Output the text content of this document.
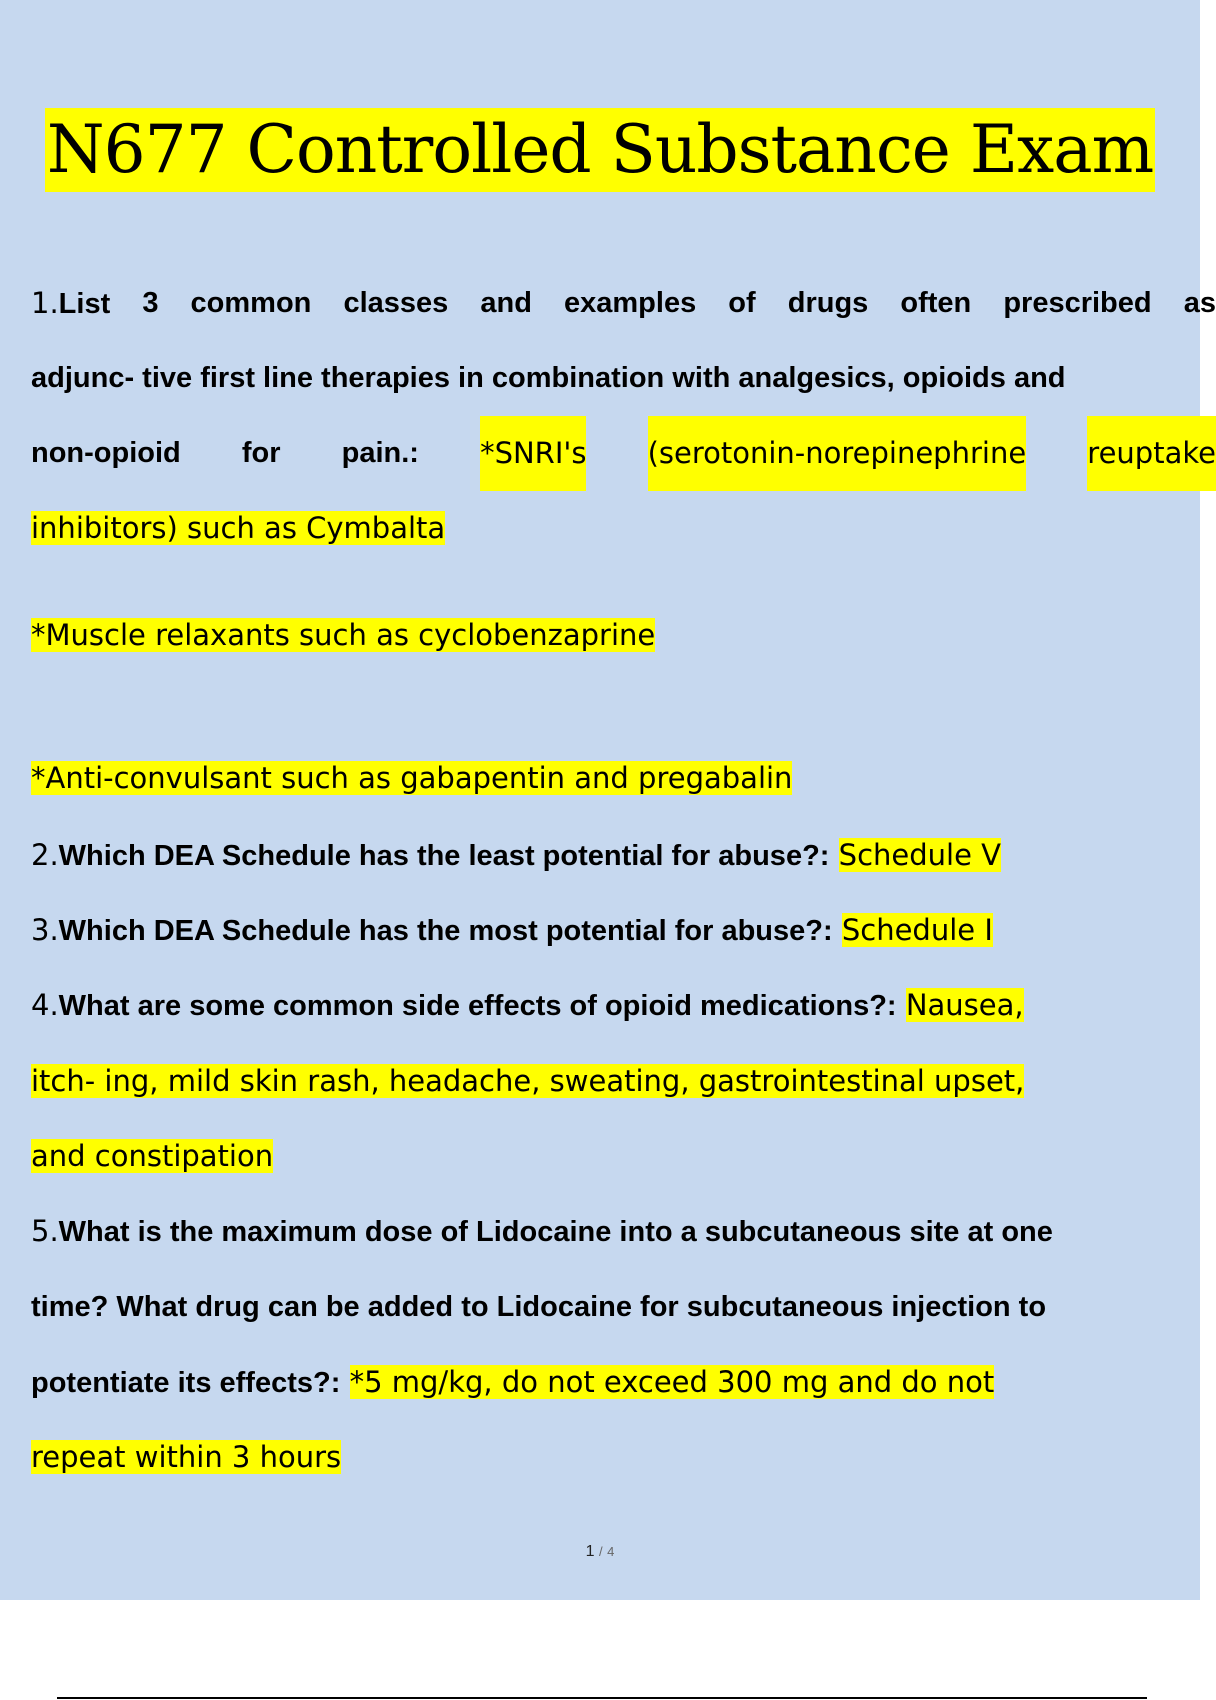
N677 Controlled Substance Exam
1.List 3 common classes and examples of drugs often prescribed as
adjunc- tive first line therapies in combination with analgesics, opioids and
non-opioid for pain.: *SNRI's (serotonin-norepinephrine reuptake
inhibitors) such as Cymbalta
*Muscle relaxants such as cyclobenzaprine
*Anti-convulsant such as gabapentin and pregabalin
2.Which DEA Schedule has the least potential for abuse?: Schedule V
3.Which DEA Schedule has the most potential for abuse?: Schedule I
4.What are some common side effects of opioid medications?: Nausea,
itch- ing, mild skin rash, headache, sweating, gastrointestinal upset,
and constipation
5.What is the maximum dose of Lidocaine into a subcutaneous site at one
time? What drug can be added to Lidocaine for subcutaneous injection to
potentiate its effects?: *5 mg/kg, do not exceed 300 mg and do not
repeat within 3 hours
1 / 4
